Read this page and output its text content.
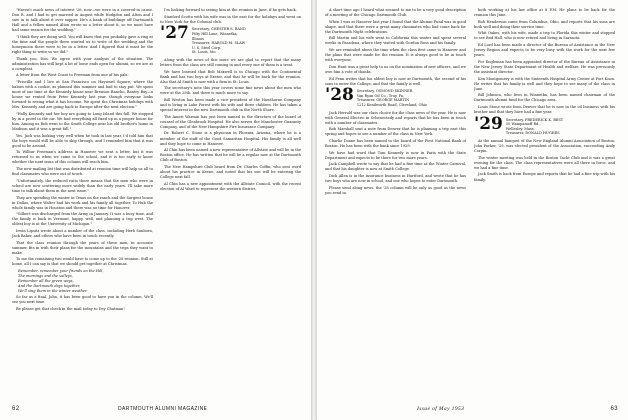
"Haven't much news of interest '26, now—we were in a covered-in cause. Don R. and I had to get married in August while Hodgdon and Alton and I saw in to talk about it over supper. He's a bank of buildings off Dartmouth Hall and a fellow named Alton wrote us a letter about it, so we must have had some reason for the wedding."

"I think they are doing well. You will know that you probably gave a ring at the time and the people there wanted us to write of the wedding and the honeymoon there were to be in a letter. And I figured that it must be the right thing to write so we did."

Thank you, Don. We agree with your analysis of the situation. The administration has still kept a lot of loose ends open for alumni, so we are at a compleat.

A letter from the West Coast to Freeman from one of his pals:

"Priscilla and I live at San Francisco on Hayward Square, where the babies with a cookie, as planned this summer and had to stay put. We spent most of our time at the Kennedy house near Brenson Rancho, Bantry Bay—a house we rented from Peter Kennedy last year, though everyone looks forward to seeing what it has become. We spent the Christmas holidays with Mrs. Kennedy and are going back to Europe after the next election."

"Holly Kennedy and her boy are going to Long Island this fall. We stopped by in a prowl in the car. We had everything all fixed up in a proper house for him. Among us Rob went to the Smith College near his old brother's home in Madison and it was a great fall."

Yes, Jack was looking very well when he took in last year, I'd told him that the boys would still be able to skip through, and I reminded him that it was good to be around.

To Wilbur Freeman's address in Hanover we sent a letter, but it was returned to us when we came to the school, and it is too early to know whether the next issue of this column will reach him.

The new mailing list that was distributed at reunion time will help us all to find classmates who were out of touch.

"Unfortunately, the reduced ratio there means that the men who were in school are now scattering more widely than the early years. I'll take more time to talk about them in the next issue."

They are spending the winter in Texas on the ranch and the Sargent house in Dallas, where Walter had his work and his family all together. To Hub the whole family was in Houston and there was no time for Hanover.

"Gilbert was discharged from the Army in January. It was a busy time, and the family is back in Vermont, happy, well, and planning a trip west. The oldest boy is at the University of Michigan."

Irwin Lipsitz wrote about a number of the class, including Herb Sanborn, Jack Baker, and others who have been in touch recently.

That the class reunion through the years of these men, in accurate summer, fits in with their plans for the mountains and the trips they want to make.

To me the remaining two would have to come up to the '28 reunion. Still at home, all I can say is that we should get together at Christmas.

Remember, remember your friends on the Hill,
The mornings and the valleys,
Remember all the green ways,
And the Dartmouth days together,
We'll sing them in the winter weather.

So far as a final, John, it has been good to have you in the column. We'll see you next time.

Be please get that check in the mail today to Dey Chatman!

I'm looking forward to seeing him at the reunion in June, if he gets back.

Stanford Scotto with his wife was in the east for the holidays and went on to New York for the Colonial club.

'27 Secretary, CHESTER S. RAND
Fifty Hill Lane, Winnetka,
Illinois
Treasurer, HAROLD M. SLAW
U. S. Steel Corp.
St. Louis, Mo.

Along with the news of this issue we are glad to report that the many letters from the class are still coming in and every one of them is a treat.

We have learned that Bob Maxwell is in Chicago with the Continental Bank and has two boys at Exeter, and that he will be back for the reunion. Also that Al Smith is now with a firm in St. Louis.

The secretary's note this year covers some fine news about the men who were at the 25th, and there is much more to say.

Bill Weston has been made a vice president of the Hawthorne Company and is living in Lake Forest with his wife and three children. He has taken a special interest in the new Dartmouth club in the North Shore.

The Ameri Warmin has just been named to the directors of the board of counsel of the Glenbrook Hospital. He also serves the Manchester Guaranty Company, and of the New Hampshire Fire Insurance Company.

Dr. Robert C. Stone is a physician in Phoenix, Arizona, where he is a member of the staff of the Good Samaritan Hospital. His family is all well and they hope to come to Hanover.

Al Chin has been named a new representative of Allstate and will be in the Boston office. He has written that he will be a regular now at the Dartmouth Club of Boston.

The New Hampshire Club heard from Dr. Charles Coffin, who sent word about his practice in Keene, and noted that his son will be entering the College next fall.

Al Chin has a new appointment with the Allstate Council, with the recent election of Al Ward to represent the western district.

62	DARTMOUTH ALUMNI MAGAZINE

A short time ago I heard what seemed to me to be a very good description of a meeting of the Chicago Dartmouth Club.

When I was at Hanover last year I found that the Alumni Fund was in good shape, and that there were a great many classmates who had come back for the Dartmouth Night celebrations.

Bill Martin and his wife went to California this winter and spent several weeks in Pasadena, where they visited with Gordon Ross and his family.

We are reminded about the time when the class first came to Hanover and the plans that were made for the reunion. It is always good to be in touch with everyone.

Don Hunt was a great help to us on the nomination of new officers, and we owe him a vote of thanks.

Ed Fenn writes that his oldest boy is now at Dartmouth, the second of his sons to enter the College, and that the family is well.

'28 Secretary, OSMOND SKINNER
Van Ryan Oil Co., Troy, Pa.
Treasurer, GEORGE MARTIN
1212 Kenilworth Road, Cleveland, Ohio

Jack Herrold was our class choice for the class news of the year. He is now with General Electric in Schenectady and reports that he has been in touch with a number of classmates.

Bob Marshall sent a note from Denver that he is planning a trip east this spring and hopes to see a number of the class in New York.

Charlie Doane has been named to the board of the First National Bank of Boston. He has been with the bank since 1929.

We have had word that Tom Kennedy is now in Paris with the State Department and expects to be there for two more years.

Jack Campbell wrote to say that he had a fine time at the Winter Carnival, and that his daughter is now at Smith College.

Dick Allen is in the insurance business in Hartford, and wrote that he has two boys who are now in school, and one who hopes to enter Dartmouth.

Please send along news, the '28 column will be only as good as the news you send in.

both working at his law office at 8 P.M. He plans to be back for the reunion this June.

Bob Henderson came from Columbus, Ohio, and reports that his sons are both well and doing their service time.

Whit Oakes, with his wife, made a trip to Florida this winter and stopped to see Bud Hall, who is now retired and living in Sarasota.

Ed Lord has been made a director of the Bureau of Assistance in the New Jersey Region and expects to be very busy with the work for the next few years.

For Engleman has been appointed director of the Bureau of Assistance in the New Jersey State Department of Health and welfare. He was previously the assistant director.

Ken Montgomery is with the Sixteenth Hospital Army Center at Fort Knox. He writes that his family is well and they hope to see many of the class in June.

Bill Johnson, who lives in Winnetka, has been named chairman of the Dartmouth alumni fund for the Chicago area.

Louis Stone wrote from Denver that he is now in the oil business with his brother and that they have had a fine year.

'29 Secretary, FREDERICK K. BEST
50 Wampamoff Rd.,
Wellesley, Mass.
Treasurer, DONALD HUGHES

At the annual banquet of the New England Alumni Association of Boston, John Parker, '29, was elected president of the Association, succeeding Andy Corpin.

The winter meeting was held in the Boston Yacht Club and it was a great evening for the class. The class representatives were all there in force, and we had a fine time.

Jack Smith is back from Europe and reports that he had a fine trip with his family.

Issue of May 1953	63
